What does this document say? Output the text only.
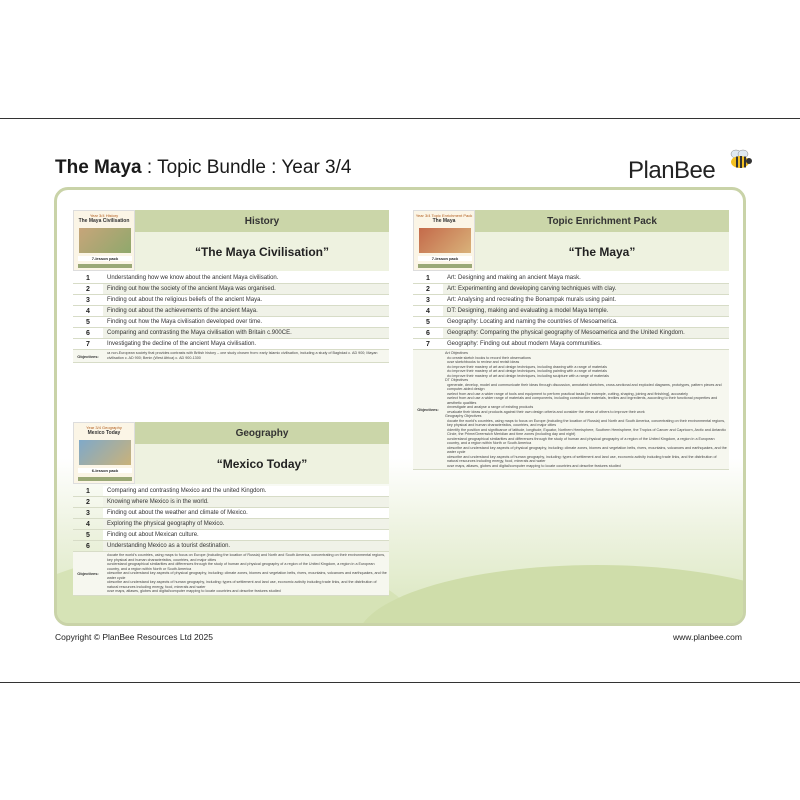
The Maya : Topic Bundle : Year 3/4	PlanBee
Year 3/4 History
The Maya Civilisation
7-lesson pack
History
“The Maya Civilisation”
1	Understanding how we know about the ancient Maya civilisation.
2	Finding out how the society of the ancient Maya was organised.
3	Finding out about the religious beliefs of the ancient Maya.
4	Finding out about the achievements of the ancient Maya.
5	Finding out how the Maya civilisation developed over time.
6	Comparing and contrasting the Maya civilisation with Britain c.900CE.
7	Investigating the decline of the ancient Maya civilisation.
Objectives:
• a non-European society that provides contrasts with British history – one study chosen from: early Islamic civilisation, including a study of Baghdad c. AD 900; Mayan civilisation c. AD 900; Benin (West Africa) c. AD 900-1300
Year 3/4 Geography
Mexico Today
6-lesson pack
Geography
“Mexico Today”
1	Comparing and contrasting Mexico and the united Kingdom.
2	Knowing where Mexico is in the world.
3	Finding out about the weather and climate of Mexico.
4	Exploring the physical geography of Mexico.
5	Finding out about Mexican culture.
6	Understanding Mexico as a tourist destination.
Objectives:
• locate the world’s countries, using maps to focus on Europe (including the location of Russia) and North and South America, concentrating on their environmental regions, key physical and human characteristics, countries, and major cities
• understand geographical similarities and differences through the study of human and physical geography of a region of the United Kingdom, a region in a European country, and a region within North or South America
• describe and understand key aspects of physical geography, including: climate zones, biomes and vegetation belts, rivers, mountains, volcanoes and earthquakes, and the water cycle
• describe and understand key aspects of human geography, including: types of settlement and land use, economic activity including trade links, and the distribution of natural resources including energy, food, minerals and water
• use maps, atlases, globes and digital/computer mapping to locate countries and describe features studied
Year 3/4 Topic Enrichment Pack
The Maya
7-lesson pack
Topic Enrichment Pack
“The Maya”
1	Art: Designing and making an ancient Maya mask.
2	Art: Experimenting and developing carving techniques with clay.
3	Art: Analysing and recreating the Bonampak murals using paint.
4	DT: Designing, making and evaluating a model Maya temple.
5	Geography: Locating and naming the countries of Mesoamerica.
6	Geography: Comparing the physical geography of Mesoamerica and the United Kingdom.
7	Geography: Finding out about modern Maya communities.
Objectives:
Art Objectives
• to create sketch books to record their observations
• use sketchbooks to review and revisit ideas
• to improve their mastery of art and design techniques, including drawing with a range of materials
• to improve their mastery of art and design techniques, including painting with a range of materials
• to improve their mastery of art and design techniques, including sculpture with a range of materials
DT Objectives
• generate, develop, model and communicate their ideas through discussion, annotated sketches, cross-sectional and exploded diagrams, prototypes, pattern pieces and computer-aided design
• select from and use a wider range of tools and equipment to perform practical tasks [for example, cutting, shaping, joining and finishing], accurately
• select from and use a wider range of materials and components, including construction materials, textiles and ingredients, according to their functional properties and aesthetic qualities
• investigate and analyse a range of existing products
• evaluate their ideas and products against their own design criteria and consider the views of others to improve their work
Geography Objectives
• locate the world’s countries, using maps to focus on Europe (including the location of Russia) and North and South America, concentrating on their environmental regions, key physical and human characteristics, countries, and major cities
• identify the position and significance of latitude, longitude, Equator, Northern Hemisphere, Southern Hemisphere, the Tropics of Cancer and Capricorn, Arctic and Antarctic Circle, the Prime/Greenwich Meridian and time zones (including day and night)
• understand geographical similarities and differences through the study of human and physical geography of a region of the United Kingdom, a region in a European country, and a region within North or South America
• describe and understand key aspects of physical geography, including: climate zones, biomes and vegetation belts, rivers, mountains, volcanoes and earthquakes, and the water cycle
• describe and understand key aspects of human geography, including: types of settlement and land use, economic activity including trade links, and the distribution of natural resources including energy, food, minerals and water
• use maps, atlases, globes and digital/computer mapping to locate countries and describe features studied
Copyright © PlanBee Resources Ltd 2025	www.planbee.com
